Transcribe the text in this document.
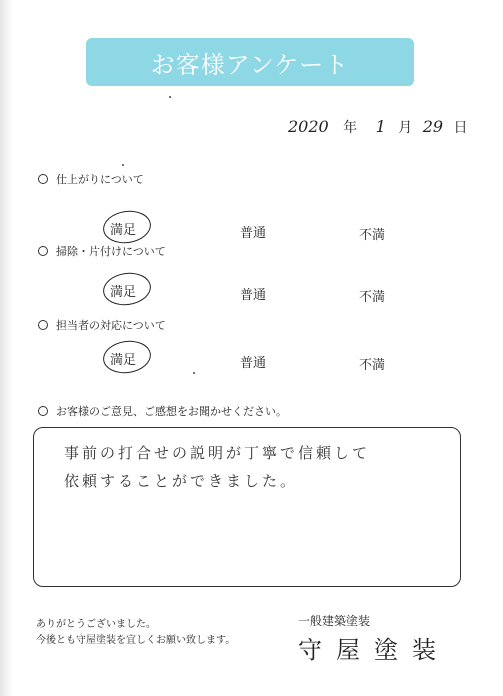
お客様アンケート
2020 年 1 月 29 日
仕上がりについて
満足	普通	不満
掃除・片付けについて
満足	普通	不満
担当者の対応について
満足	普通	不満
お客様のご意見、ご感想をお聞かせください。
事前の打合せの説明が丁寧で信頼して
依頼することができました。
ありがとうございました。
今後とも守屋塗装を宜しくお願い致します。
一般建築塗装
守屋塗装
